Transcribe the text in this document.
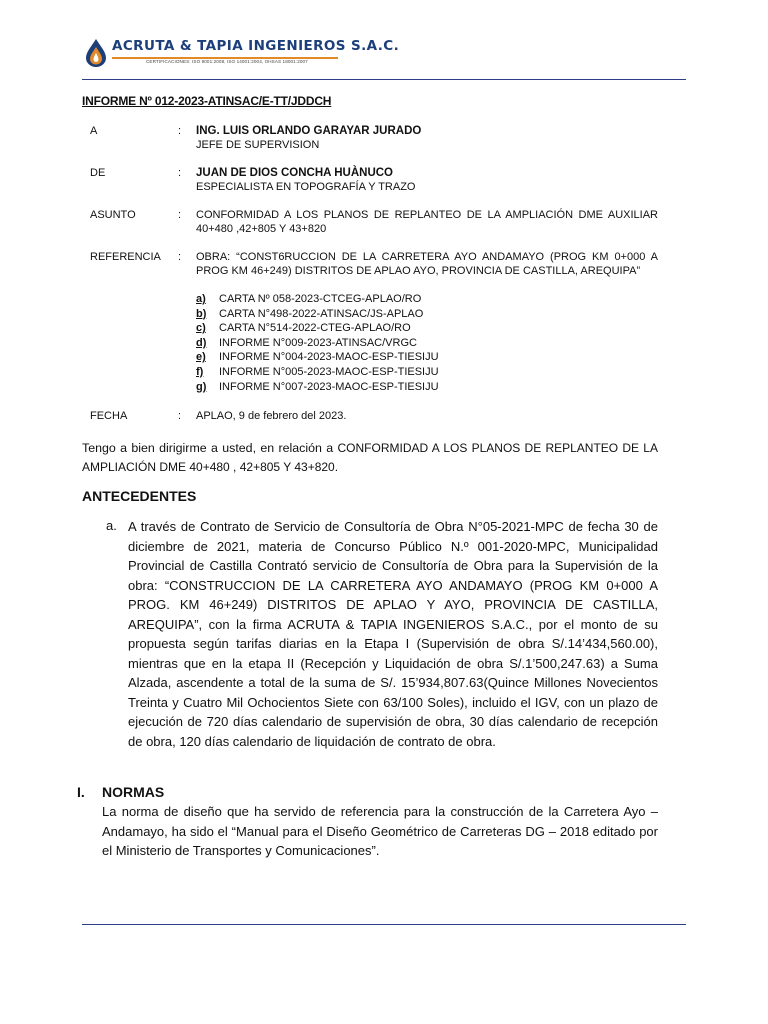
ACRUTA & TAPIA INGENIEROS S.A.C.
CERTIFICACIONES: ISO 9001:2008, ISO 14001:2004, OHSAS 18001:2007
INFORME Nº 012-2023-ATINSAC/E-TT/JDDCH
A	: ING. LUIS ORLANDO GARAYAR JURADO
JEFE DE SUPERVISION
DE	: JUAN DE DIOS CONCHA HUÀNUCO
ESPECIALISTA EN TOPOGRAFÍA Y TRAZO
ASUNTO	: CONFORMIDAD A LOS PLANOS DE REPLANTEO DE LA AMPLIACIÓN DME AUXILIAR 40+480 ,42+805 Y 43+820
REFERENCIA : OBRA: “CONST6RUCCION DE LA CARRETERA AYO ANDAMAYO (PROG KM 0+000 A PROG KM 46+249) DISTRITOS DE APLAO AYO, PROVINCIA DE CASTILLA, AREQUIPA”
a)	CARTA Nº 058-2023-CTCEG-APLAO/RO
b)	CARTA N°498-2022-ATINSAC/JS-APLAO
c)	CARTA N°514-2022-CTEG-APLAO/RO
d)	INFORME N°009-2023-ATINSAC/VRGC
e)	INFORME N°004-2023-MAOC-ESP-TIESIJU
f)	INFORME N°005-2023-MAOC-ESP-TIESIJU
g)	INFORME N°007-2023-MAOC-ESP-TIESIJU
FECHA	: APLAO, 9 de febrero del 2023.
Tengo a bien dirigirme a usted, en relación a CONFORMIDAD A LOS PLANOS DE REPLANTEO DE LA AMPLIACIÓN DME 40+480 , 42+805 Y 43+820.
ANTECEDENTES
a. A través de Contrato de Servicio de Consultoría de Obra N°05-2021-MPC de fecha 30 de diciembre de 2021, materia de Concurso Público N.º 001-2020-MPC, Municipalidad Provincial de Castilla Contrató servicio de Consultoría de Obra para la Supervisión de la obra: “CONSTRUCCION DE LA CARRETERA AYO ANDAMAYO (PROG KM 0+000 A PROG. KM 46+249) DISTRITOS DE APLAO Y AYO, PROVINCIA DE CASTILLA, AREQUIPA”, con la firma ACRUTA & TAPIA INGENIEROS S.A.C., por el monto de su propuesta según tarifas diarias en la Etapa I (Supervisión de obra S/.14’434,560.00), mientras que en la etapa II (Recepción y Liquidación de obra S/.1’500,247.63) a Suma Alzada, ascendente a total de la suma de S/. 15’934,807.63(Quince Millones Novecientos Treinta y Cuatro Mil Ochocientos Siete con 63/100 Soles), incluido el IGV, con un plazo de ejecución de 720 días calendario de supervisión de obra, 30 días calendario de recepción de obra, 120 días calendario de liquidación de contrato de obra.
I. NORMAS
La norma de diseño que ha servido de referencia para la construcción de la Carretera Ayo – Andamayo, ha sido el “Manual para el Diseño Geométrico de Carreteras DG – 2018 editado por el Ministerio de Transportes y Comunicaciones”.
